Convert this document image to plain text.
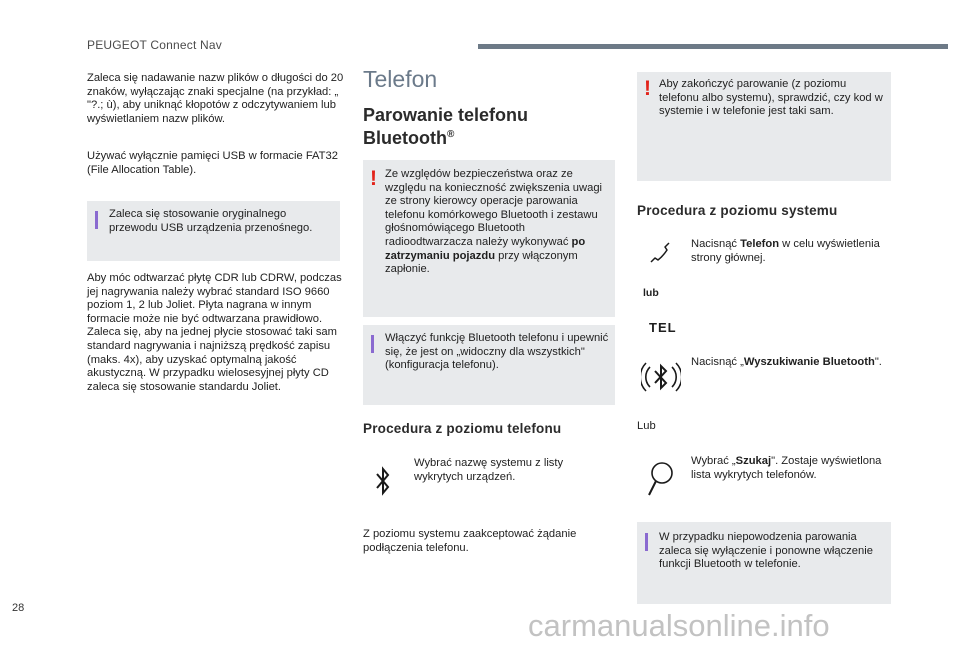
PEUGEOT Connect Nav
Zaleca się nadawanie nazw plików o długości do 20 znaków, wyłączając znaki specjalne (na przykład: „ "?.; ù), aby uniknąć kłopotów z odczytywaniem lub wyświetlaniem nazw plików.
Używać wyłącznie pamięci USB w formacie FAT32 (File Allocation Table).
Zaleca się stosowanie oryginalnego przewodu USB urządzenia przenośnego.
Aby móc odtwarzać płytę CDR lub CDRW, podczas jej nagrywania należy wybrać standard ISO 9660 poziom 1, 2 lub Joliet. Płyta nagrana w innym formacie może nie być odtwarzana prawidłowo. Zaleca się, aby na jednej płycie stosować taki sam standard nagrywania i najniższą prędkość zapisu (maks. 4x), aby uzyskać optymalną jakość akustyczną. W przypadku wielosesyjnej płyty CD zaleca się stosowanie standardu Joliet.
Telefon
Parowanie telefonu
Bluetooth®
! Ze względów bezpieczeństwa oraz ze względu na konieczność zwiększenia uwagi ze strony kierowcy operacje parowania telefonu komórkowego Bluetooth i zestawu głośnomówiącego Bluetooth radioodtwarzacza należy wykonywać po zatrzymaniu pojazdu przy włączonym zapłonie.
Włączyć funkcję Bluetooth telefonu i upewnić się, że jest on „widoczny dla wszystkich" (konfiguracja telefonu).
Procedura z poziomu telefonu
Wybrać nazwę systemu z listy wykrytych urządzeń.
Z poziomu systemu zaakceptować żądanie podłączenia telefonu.
! Aby zakończyć parowanie (z poziomu telefonu albo systemu), sprawdzić, czy kod w systemie i w telefonie jest taki sam.
Procedura z poziomu systemu
Nacisnąć Telefon w celu wyświetlenia strony głównej.
lub
TEL
Nacisnąć „Wyszukiwanie Bluetooth".
Lub
Wybrać „Szukaj". Zostaje wyświetlona lista wykrytych telefonów.
W przypadku niepowodzenia parowania zaleca się wyłączenie i ponowne włączenie funkcji Bluetooth w telefonie.
28	carmanualsonline.info
